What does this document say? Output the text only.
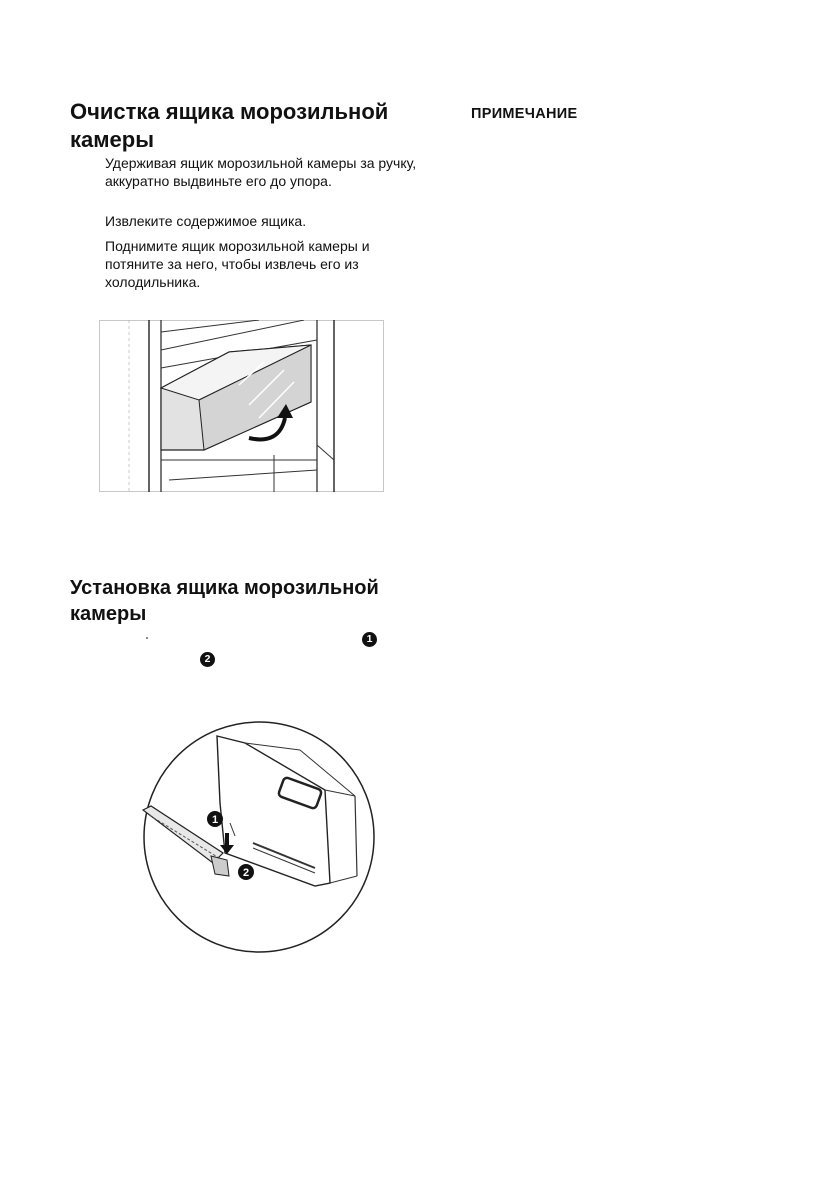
Очистка ящика морозильной камеры

Удерживая ящик морозильной камеры за ручку, аккуратно выдвиньте его до упора.

Извлеките содержимое ящика.

Поднимите ящик морозильной камеры и потяните за него, чтобы извлечь его из холодильника.

ПРИМЕЧАНИЕ
Установка ящика морозильной камеры
1
2
1
2
